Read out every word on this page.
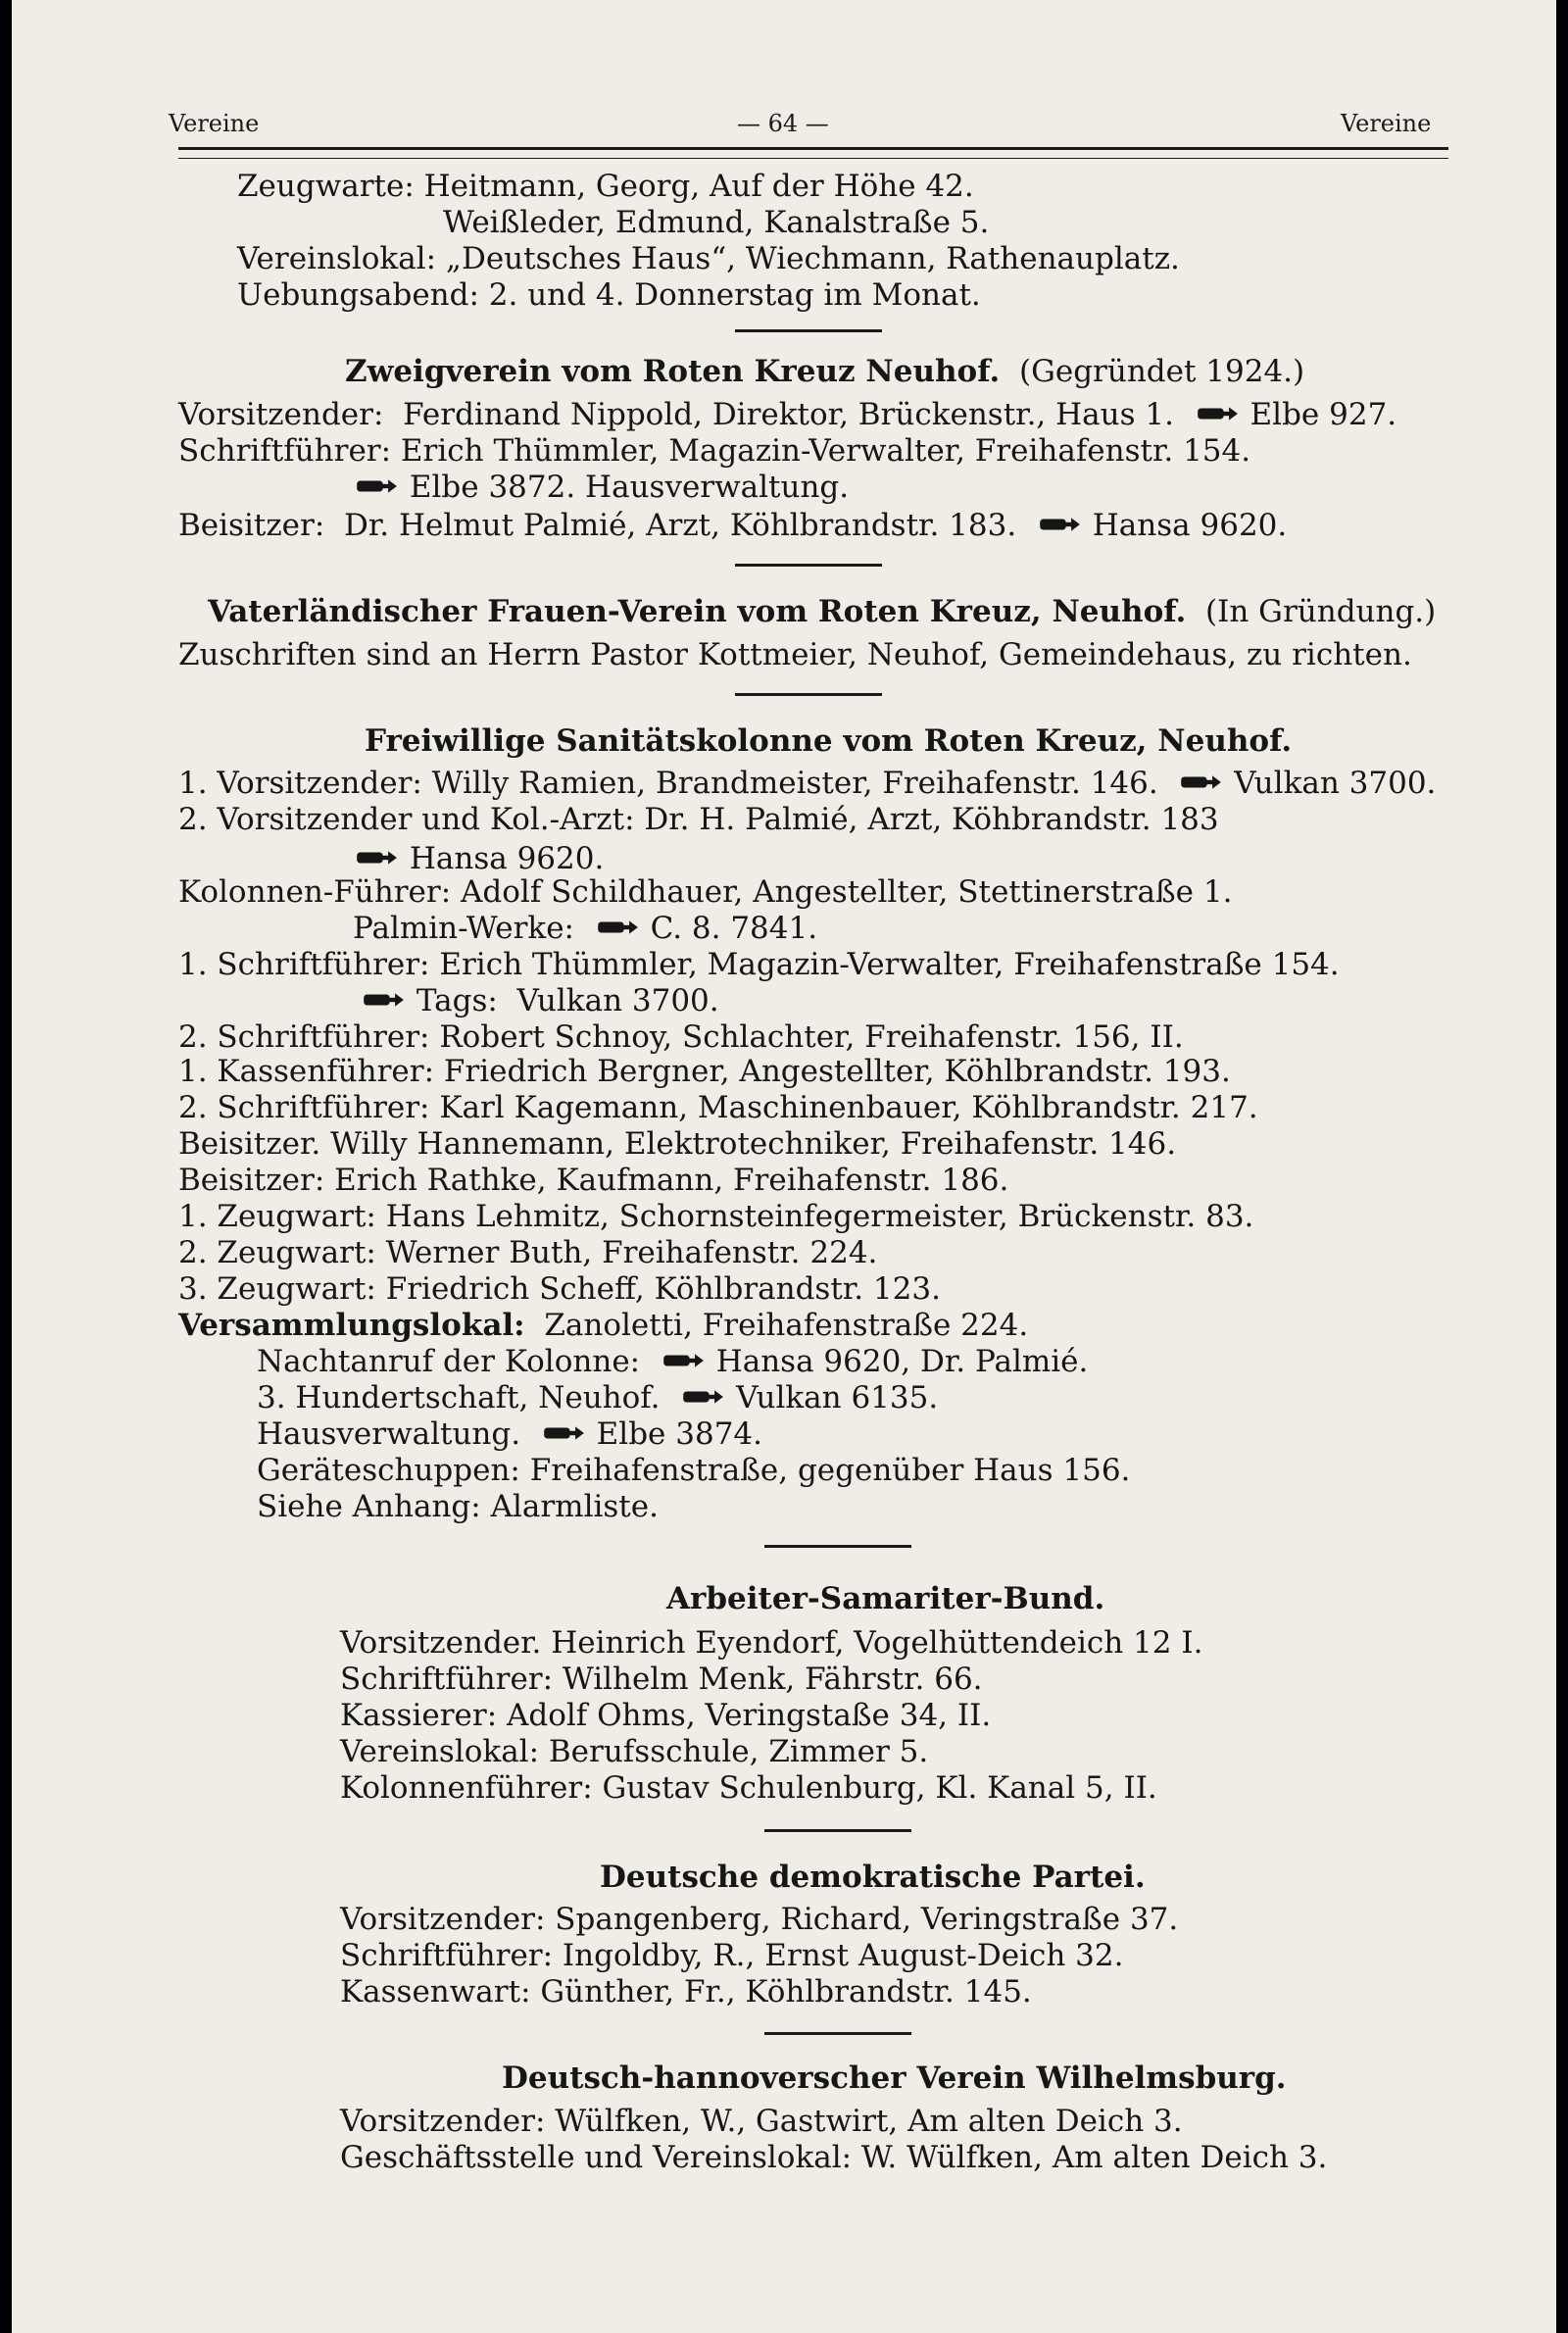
Vereine	— 64 —	Vereine
Zeugwarte: Heitmann, Georg, Auf der Höhe 42.
Weißleder, Edmund, Kanalstraße 5.
Vereinslokal: „Deutsches Haus“, Wiechmann, Rathenauplatz.
Uebungsabend: 2. und 4. Donnerstag im Monat.
Zweigverein vom Roten Kreuz Neuhof. (Gegründet 1924.)
Vorsitzender:  Ferdinand Nippold, Direktor, Brückenstr., Haus 1.	Elbe 927.
Schriftführer: Erich Thümmler, Magazin-Verwalter, Freihafenstr. 154.
Elbe 3872. Hausverwaltung.
Beisitzer:  Dr. Helmut Palmié, Arzt, Köhlbrandstr. 183.	Hansa 9620.
Vaterländischer Frauen-Verein vom Roten Kreuz, Neuhof. (In Gründung.)
Zuschriften sind an Herrn Pastor Kottmeier, Neuhof, Gemeindehaus, zu richten.
Freiwillige Sanitätskolonne vom Roten Kreuz, Neuhof.
1. Vorsitzender: Willy Ramien, Brandmeister, Freihafenstr. 146.	Vulkan 3700.
2. Vorsitzender und Kol.-Arzt: Dr. H. Palmié, Arzt, Köhbrandstr. 183
Hansa 9620.
Kolonnen-Führer: Adolf Schildhauer, Angestellter, Stettinerstraße 1.
Palmin-Werke:	C. 8. 7841.
1. Schriftführer: Erich Thümmler, Magazin-Verwalter, Freihafenstraße 154.
Tags:  Vulkan 3700.
2. Schriftführer: Robert Schnoy, Schlachter, Freihafenstr. 156, II.
1. Kassenführer: Friedrich Bergner, Angestellter, Köhlbrandstr. 193.
2. Schriftführer: Karl Kagemann, Maschinenbauer, Köhlbrandstr. 217.
Beisitzer. Willy Hannemann, Elektrotechniker, Freihafenstr. 146.
Beisitzer: Erich Rathke, Kaufmann, Freihafenstr. 186.
1. Zeugwart: Hans Lehmitz, Schornsteinfegermeister, Brückenstr. 83.
2. Zeugwart: Werner Buth, Freihafenstr. 224.
3. Zeugwart: Friedrich Scheff, Köhlbrandstr. 123.
Versammlungslokal: Zanoletti, Freihafenstraße 224.
Nachtanruf der Kolonne:	Hansa 9620, Dr. Palmié.
3. Hundertschaft, Neuhof.	Vulkan 6135.
Hausverwaltung.	Elbe 3874.
Geräteschuppen: Freihafenstraße, gegenüber Haus 156.
Siehe Anhang: Alarmliste.
Arbeiter-Samariter-Bund.
Vorsitzender. Heinrich Eyendorf, Vogelhüttendeich 12 I.
Schriftführer: Wilhelm Menk, Fährstr. 66.
Kassierer: Adolf Ohms, Veringstaße 34, II.
Vereinslokal: Berufsschule, Zimmer 5.
Kolonnenführer: Gustav Schulenburg, Kl. Kanal 5, II.
Deutsche demokratische Partei.
Vorsitzender: Spangenberg, Richard, Veringstraße 37.
Schriftführer: Ingoldby, R., Ernst August-Deich 32.
Kassenwart: Günther, Fr., Köhlbrandstr. 145.
Deutsch-hannoverscher Verein Wilhelmsburg.
Vorsitzender: Wülfken, W., Gastwirt, Am alten Deich 3.
Geschäftsstelle und Vereinslokal: W. Wülfken, Am alten Deich 3.
